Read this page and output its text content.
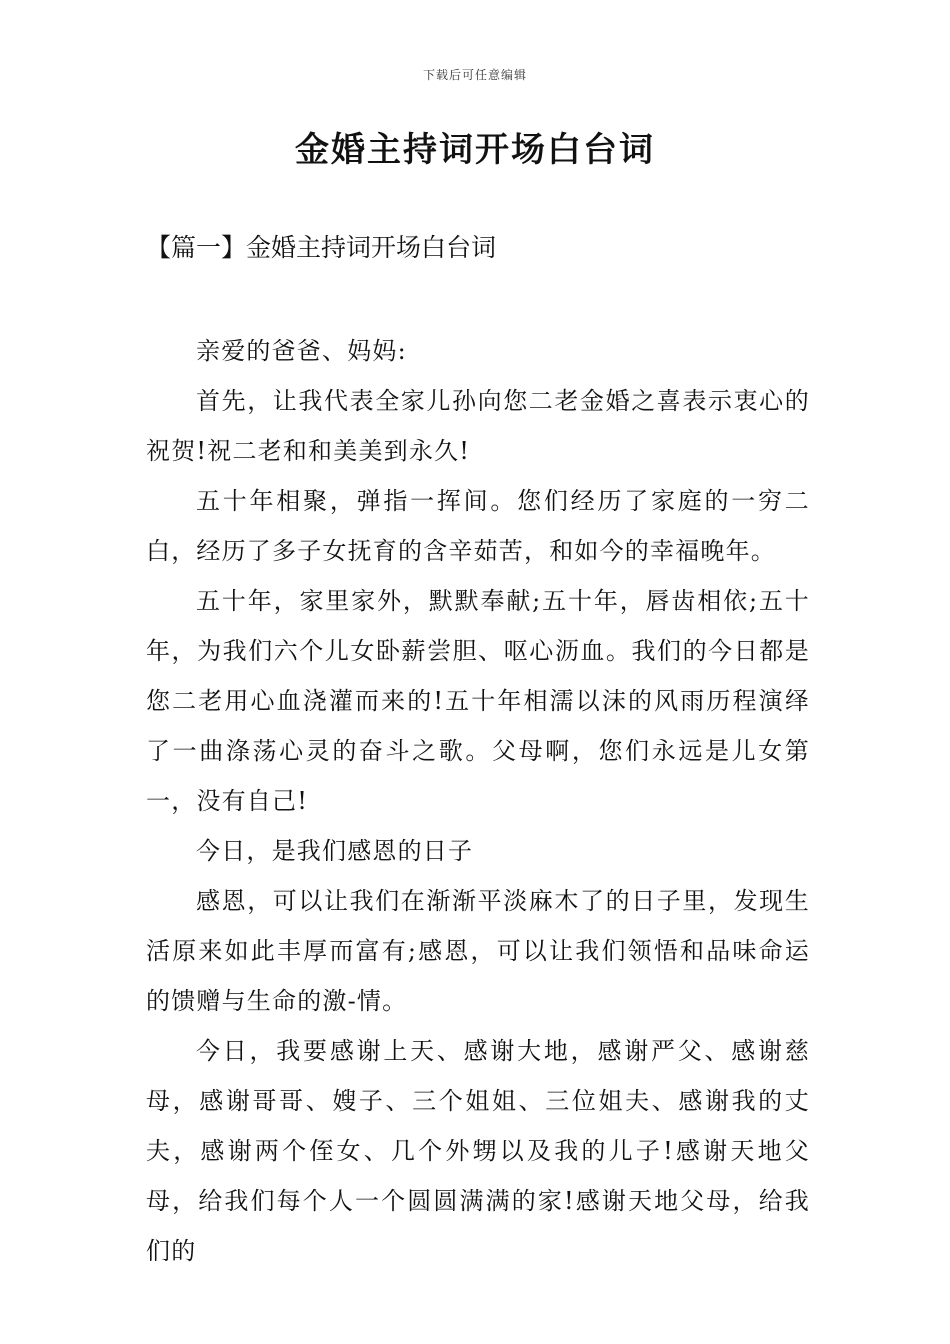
下载后可任意编辑
金婚主持词开场白台词
【篇一】金婚主持词开场白台词

亲爱的爸爸、妈妈:

首先，让我代表全家儿孙向您二老金婚之喜表示衷心的祝贺!祝二老和和美美到永久!

五十年相聚，弹指一挥间。您们经历了家庭的一穷二白，经历了多子女抚育的含辛茹苦，和如今的幸福晚年。

五十年，家里家外，默默奉献;五十年，唇齿相依;五十年，为我们六个儿女卧薪尝胆、呕心沥血。我们的今日都是您二老用心血浇灌而来的!五十年相濡以沫的风雨历程演绎了一曲涤荡心灵的奋斗之歌。父母啊，您们永远是儿女第一，没有自己!

今日，是我们感恩的日子

感恩，可以让我们在渐渐平淡麻木了的日子里，发现生活原来如此丰厚而富有;感恩，可以让我们领悟和品味命运的馈赠与生命的激-情。

今日，我要感谢上天、感谢大地，感谢严父、感谢慈母，感谢哥哥、嫂子、三个姐姐、三位姐夫、感谢我的丈夫，感谢两个侄女、几个外甥以及我的儿子!感谢天地父母，给我们每个人一个圆圆满满的家!感谢天地父母，给我们的
